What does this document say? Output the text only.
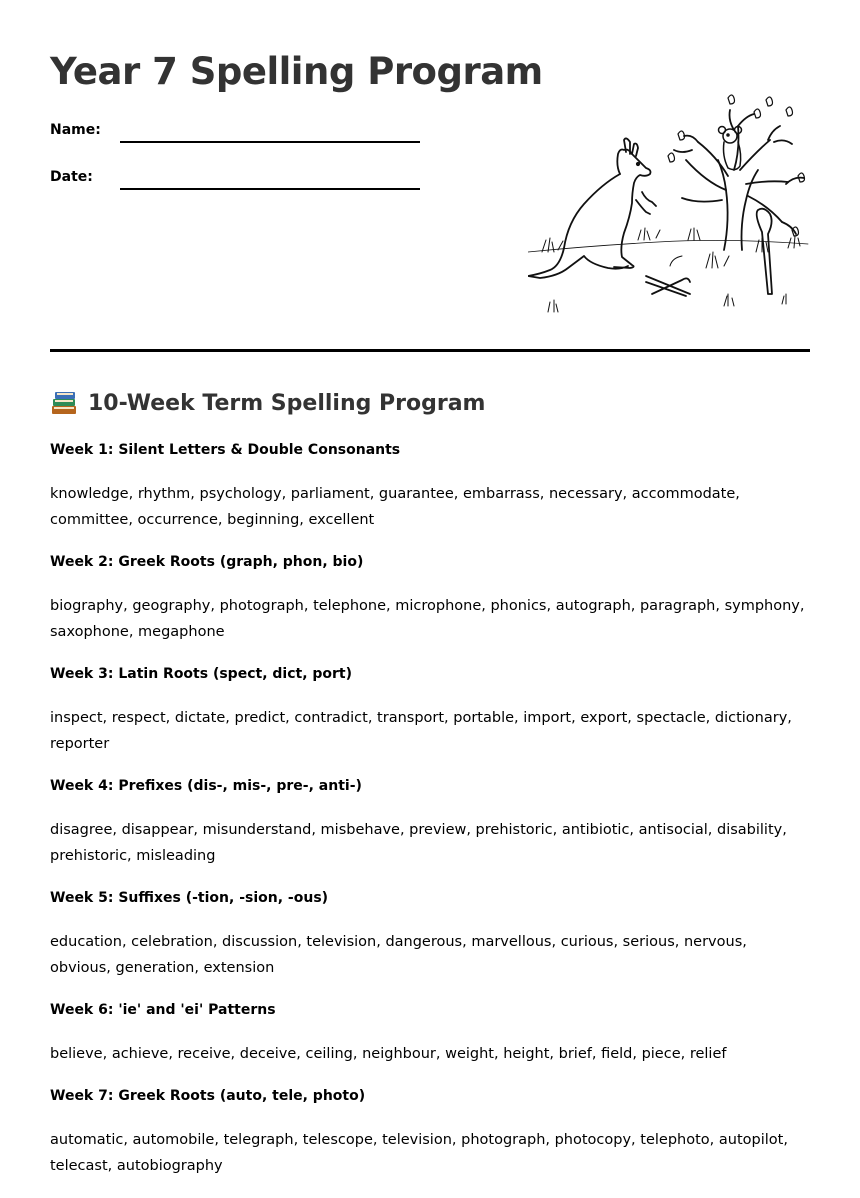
Year 7 Spelling Program
Name:
Date:
10-Week Term Spelling Program

Week 1: Silent Letters & Double Consonants

knowledge, rhythm, psychology, parliament, guarantee, embarrass, necessary, accommodate, committee, occurrence, beginning, excellent

Week 2: Greek Roots (graph, phon, bio)

biography, geography, photograph, telephone, microphone, phonics, autograph, paragraph, symphony, saxophone, megaphone

Week 3: Latin Roots (spect, dict, port)

inspect, respect, dictate, predict, contradict, transport, portable, import, export, spectacle, dictionary, reporter

Week 4: Prefixes (dis-, mis-, pre-, anti-)

disagree, disappear, misunderstand, misbehave, preview, prehistoric, antibiotic, antisocial, disability, prehistoric, misleading

Week 5: Suffixes (-tion, -sion, -ous)

education, celebration, discussion, television, dangerous, marvellous, curious, serious, nervous, obvious, generation, extension

Week 6: 'ie' and 'ei' Patterns

believe, achieve, receive, deceive, ceiling, neighbour, weight, height, brief, field, piece, relief

Week 7: Greek Roots (auto, tele, photo)

automatic, automobile, telegraph, telescope, television, photograph, photocopy, telephoto, autopilot, telecast, autobiography
